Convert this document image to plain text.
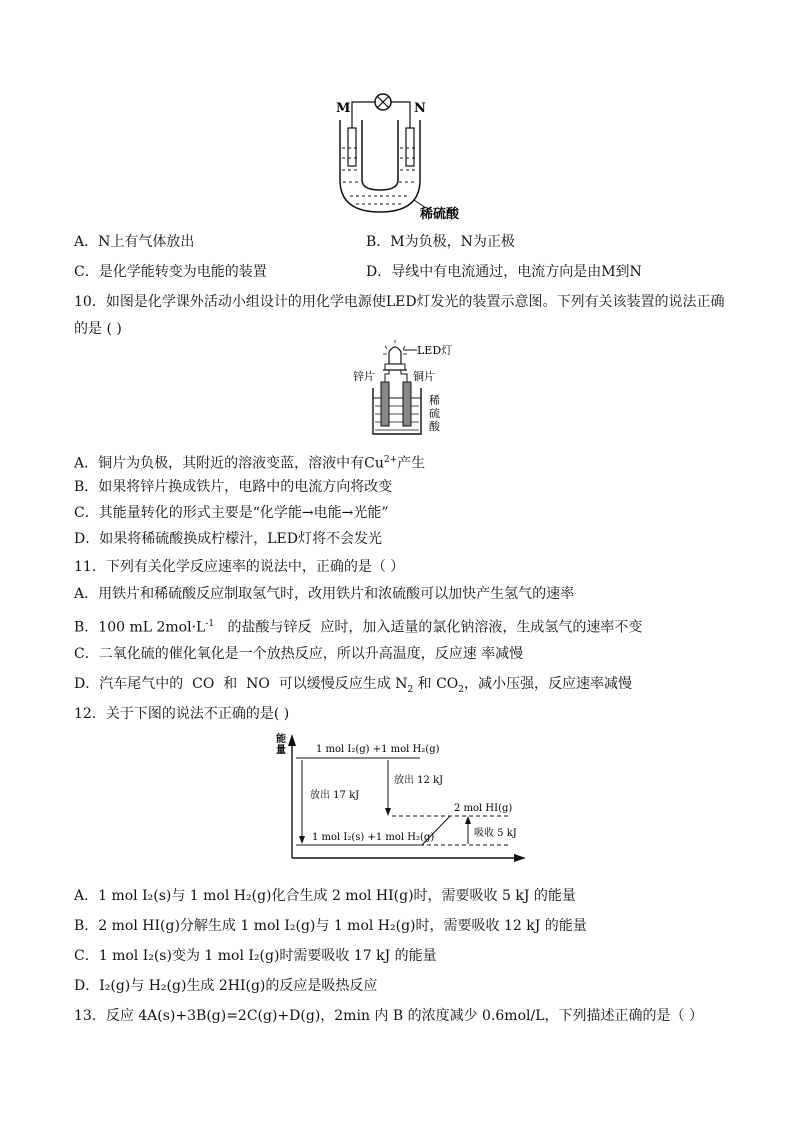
M	N
稀硫酸
A．N上有气体放出	B．M为负极，N为正极
C．是化学能转变为电能的装置	D．导线中有电流通过，电流方向是由M到N
10．如图是化学课外活动小组设计的用化学电源使LED灯发光的装置示意图。下列有关该装置的说法正确
的是 ( )
LED灯
锌片	铜片
稀
硫
酸
A．铜片为负极，其附近的溶液变蓝，溶液中有$Cu^{2+}$产生
B．如果将锌片换成铁片，电路中的电流方向将改变
C．其能量转化的形式主要是“化学能→电能→光能”
D．如果将稀硫酸换成柠檬汁，LED灯将不会发光
11．下列有关化学反应速率的说法中，正确的是（ ）
A．用铁片和稀硫酸反应制取氢气时，改用铁片和浓硫酸可以加快产生氢气的速率
B．100 mL $2mol\cdot L^{-1}$   的盐酸与锌反  应时，加入适量的氯化钠溶液，生成氢气的速率不变
C．二氧化硫的催化氧化是一个放热反应，所以升高温度，反应速 率减慢
D．汽车尾气中的  CO  和  NO  可以缓慢反应生成 $N_2$ 和 $CO_2$，减小压强，反应速率减慢
12．关于下图的说法不正确的是( )
能
量	1 mol I₂(g) +1 mol H₂(g)
2 mol HI(g)
1 mol I₂(s) +1 mol H₂(g)
放出 17 kJ
放出 12 kJ
吸收 5 kJ
A．1 mol I₂(s)与 1 mol H₂(g)化合生成 2 mol HI(g)时，需要吸收 5 kJ 的能量
B．2 mol HI(g)分解生成 1 mol I₂(g)与 1 mol H₂(g)时，需要吸收 12 kJ 的能量
C．1 mol I₂(s)变为 1 mol I₂(g)时需要吸收 17 kJ 的能量
D．I₂(g)与 H₂(g)生成 2HI(g)的反应是吸热反应
13．反应 4A(s)+3B(g)=2C(g)+D(g)，2min 内 B 的浓度减少 0.6mol/L，下列描述正确的是（ ）
